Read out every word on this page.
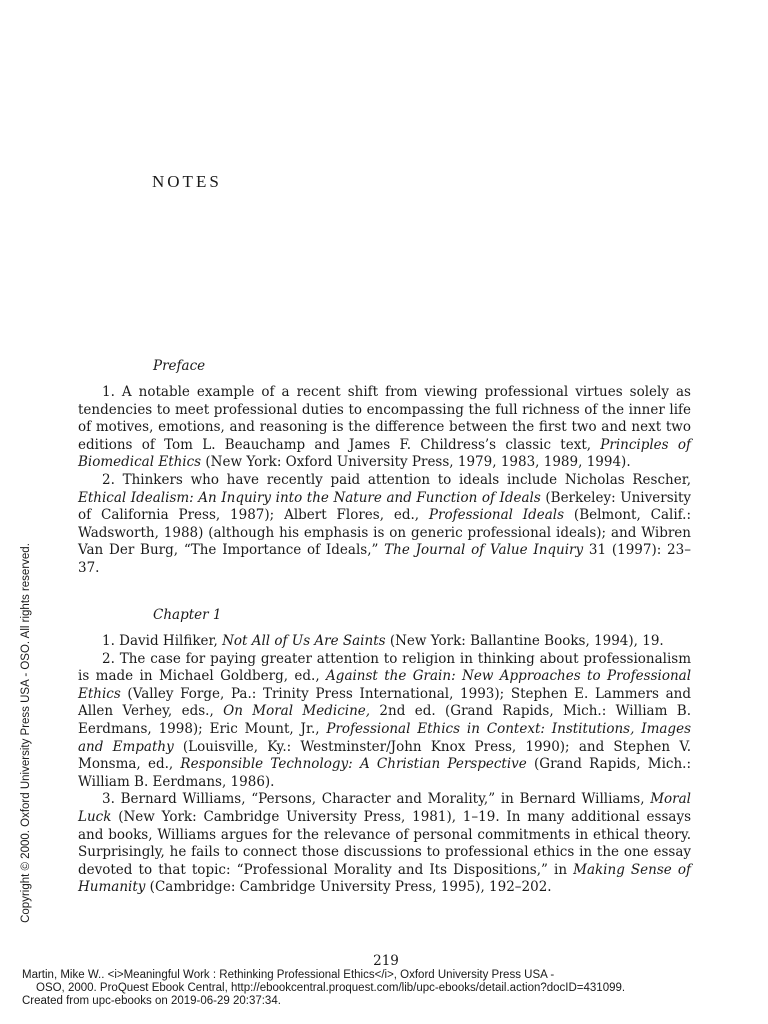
NOTES
Preface

1. A notable example of a recent shift from viewing professional virtues solely as tendencies to meet professional duties to encompassing the full richness of the inner life of motives, emotions, and reasoning is the difference between the first two and next two editions of Tom L. Beauchamp and James F. Childress’s classic text, Principles of Biomedical Ethics (New York: Oxford University Press, 1979, 1983, 1989, 1994).

2. Thinkers who have recently paid attention to ideals include Nicholas Rescher, Ethical Idealism: An Inquiry into the Nature and Function of Ideals (Berkeley: University of California Press, 1987); Albert Flores, ed., Professional Ideals (Belmont, Calif.: Wadsworth, 1988) (although his emphasis is on generic professional ideals); and Wibren Van Der Burg, “The Importance of Ideals,” The Journal of Value Inquiry 31 (1997): 23–37.

Chapter 1

1. David Hilfiker, Not All of Us Are Saints (New York: Ballantine Books, 1994), 19.

2. The case for paying greater attention to religion in thinking about professionalism is made in Michael Goldberg, ed., Against the Grain: New Approaches to Professional Ethics (Valley Forge, Pa.: Trinity Press International, 1993); Stephen E. Lammers and Allen Verhey, eds., On Moral Medicine, 2nd ed. (Grand Rapids, Mich.: William B. Eerdmans, 1998); Eric Mount, Jr., Professional Ethics in Context: Institutions, Images and Empathy (Louisville, Ky.: Westminster/John Knox Press, 1990); and Stephen V. Monsma, ed., Responsible Technology: A Christian Perspective (Grand Rapids, Mich.: William B. Eerdmans, 1986).

3. Bernard Williams, “Persons, Character and Morality,” in Bernard Williams, Moral Luck (New York: Cambridge University Press, 1981), 1–19. In many additional essays and books, Williams argues for the relevance of personal commitments in ethical theory. Surprisingly, he fails to connect those discussions to professional ethics in the one essay devoted to that topic: “Professional Morality and Its Dispositions,” in Making Sense of Humanity (Cambridge: Cambridge University Press, 1995), 192–202.

219
Copyright © 2000. Oxford University Press USA - OSO. All rights reserved.
Martin, Mike W.. <i>Meaningful Work : Rethinking Professional Ethics</i>, Oxford University Press USA -
OSO, 2000. ProQuest Ebook Central, http://ebookcentral.proquest.com/lib/upc-ebooks/detail.action?docID=431099.
Created from upc-ebooks on 2019-06-29 20:37:34.
